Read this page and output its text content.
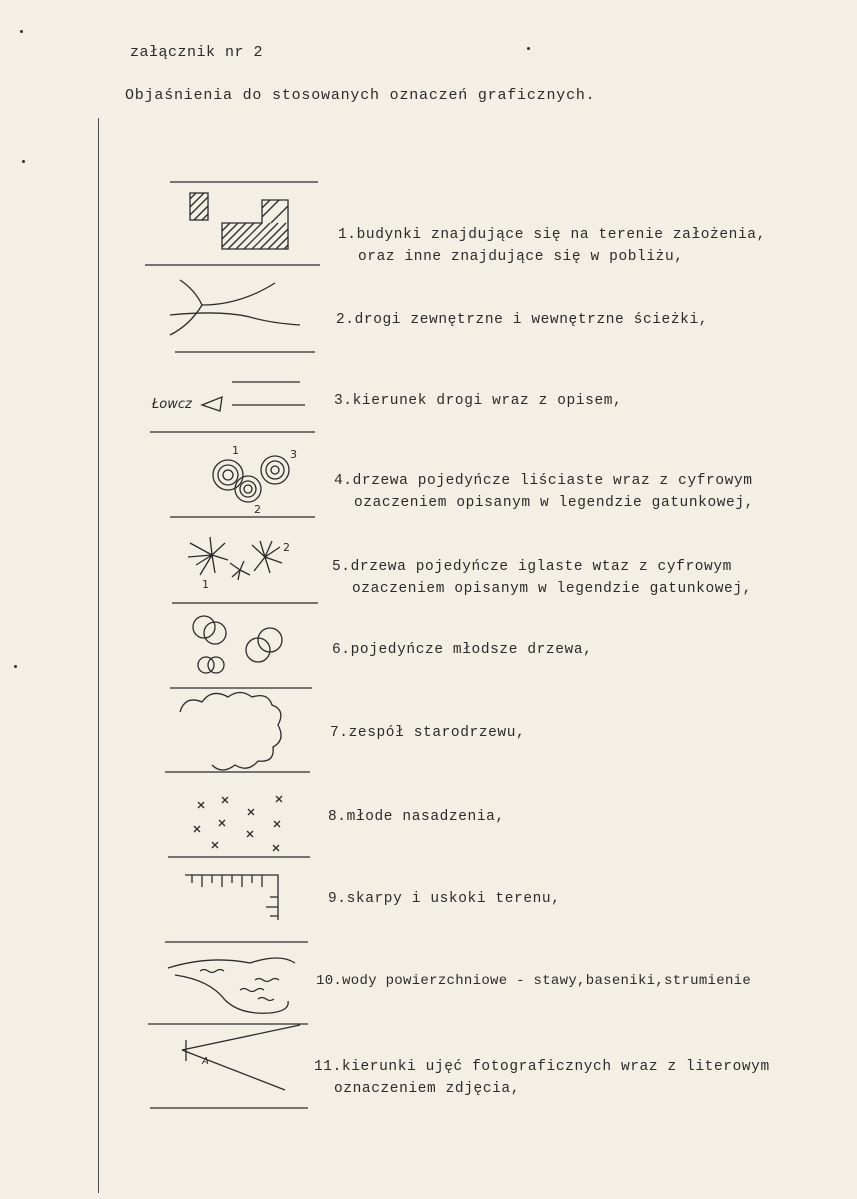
załącznik nr 2
Objaśnienia do stosowanych oznaczeń graficznych.
Łowcz
1
2
3
1
2
A
1.budynki znajdujące się na terenie założenia,
oraz inne znajdujące się w pobliżu,
2.drogi zewnętrzne i wewnętrzne ścieżki,
3.kierunek drogi wraz z opisem,
4.drzewa pojedyńcze liściaste wraz z cyfrowym
ozaczeniem opisanym w legendzie gatunkowej,
5.drzewa pojedyńcze iglaste wtaz z cyfrowym
ozaczeniem opisanym w legendzie gatunkowej,
6.pojedyńcze młodsze drzewa,
7.zespół starodrzewu,
8.młode nasadzenia,
9.skarpy i uskoki terenu,
10.wody powierzchniowe - stawy,baseniki,strumienie
11.kierunki ujęć fotograficznych wraz z literowym
oznaczeniem zdjęcia,
